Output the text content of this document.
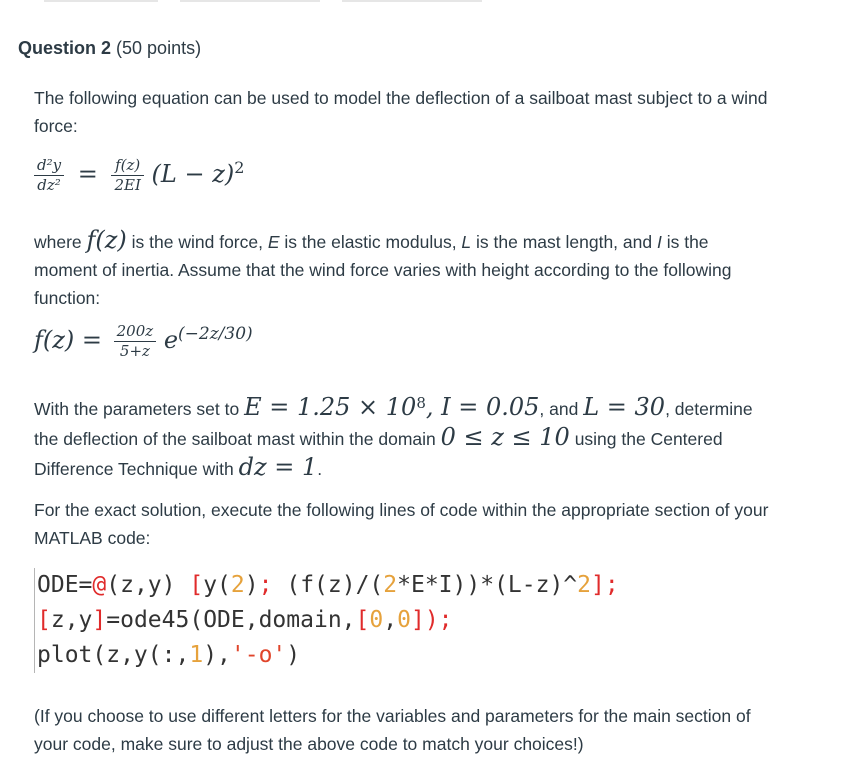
Question 2 (50 points)

The following equation can be used to model the deflection of a sailboat mast subject to a wind force:

$\frac{\text{d²y}}{\text{dz²}} = \frac{f(z)}{2EI} (L - z)^2$

where f(z) is the wind force, E is the elastic modulus, L is the mast length, and I is the moment of inertia. Assume that the wind force varies with height according to the following function:

$f(z) = \frac{200z}{5+z} e^{(-2z/30)}$

With the parameters set to $E = 1.25 \times 10^8$, I = 0.05, and L = 30, determine the deflection of the sailboat mast within the domain 0 ≤ z ≤ 10 using the Centered Difference Technique with dz = 1.

For the exact solution, execute the following lines of code within the appropriate section of your MATLAB code:

ODE=@(z,y) [y(2); (f(z)/(2*E*I))*(L-z)^2];
[z,y]=ode45(ODE,domain,[0,0]);
plot(z,y(:,1),'-o')

(If you choose to use different letters for the variables and parameters for the main section of your code, make sure to adjust the above code to match your choices!)
